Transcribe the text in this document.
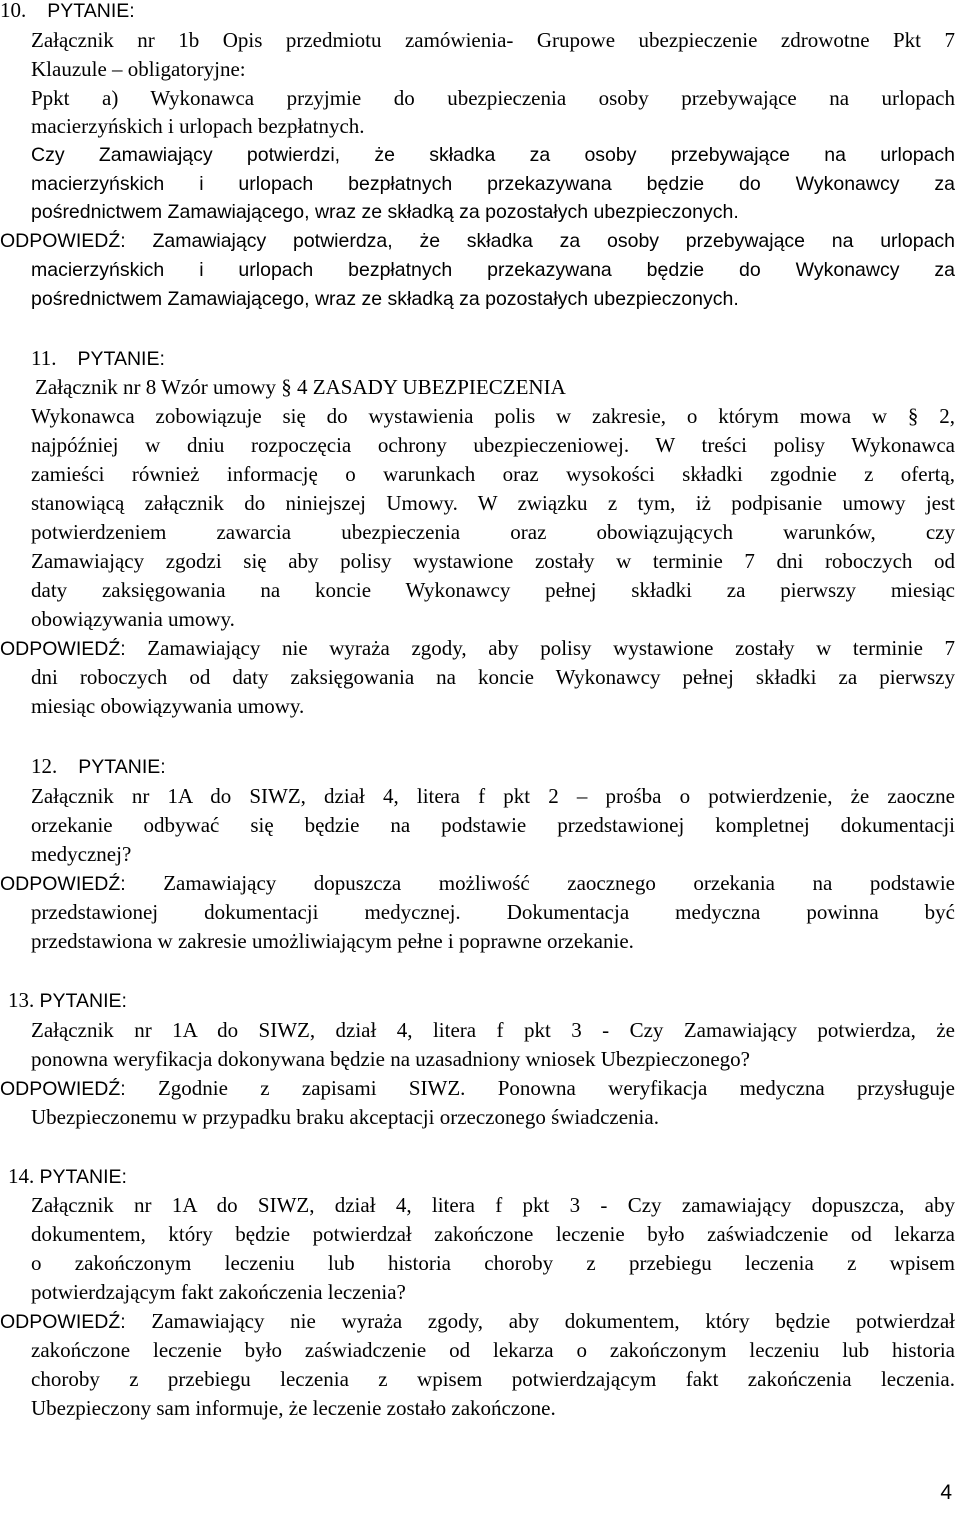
10. PYTANIE:
Załącznik nr 1b Opis przedmiotu zamówienia- Grupowe ubezpieczenie zdrowotne Pkt 7
Klauzule – obligatoryjne:
Ppkt a) Wykonawca przyjmie do ubezpieczenia osoby przebywające na urlopach
macierzyńskich i urlopach bezpłatnych.
Czy Zamawiający potwierdzi, że składka za osoby przebywające na urlopach
macierzyńskich i urlopach bezpłatnych przekazywana będzie do Wykonawcy za
pośrednictwem Zamawiającego, wraz ze składką za pozostałych ubezpieczonych.
ODPOWIEDŹ: Zamawiający potwierdza, że składka za osoby przebywające na urlopach
macierzyńskich i urlopach bezpłatnych przekazywana będzie do Wykonawcy za
pośrednictwem Zamawiającego, wraz ze składką za pozostałych ubezpieczonych.
11. PYTANIE:
Załącznik nr 8 Wzór umowy § 4 ZASADY UBEZPIECZENIA
Wykonawca zobowiązuje się do wystawienia polis w zakresie, o którym mowa w § 2,
najpóźniej w dniu rozpoczęcia ochrony ubezpieczeniowej. W treści polisy Wykonawca
zamieści również informację o warunkach oraz wysokości składki zgodnie z ofertą,
stanowiącą załącznik do niniejszej Umowy. W związku z tym, iż podpisanie umowy jest
potwierdzeniem zawarcia ubezpieczenia oraz obowiązujących warunków, czy
Zamawiający zgodzi się aby polisy wystawione zostały w terminie 7 dni roboczych od
daty zaksięgowania na koncie Wykonawcy pełnej składki za pierwszy miesiąc
obowiązywania umowy.
ODPOWIEDŹ: Zamawiający nie wyraża zgody, aby polisy wystawione zostały w terminie 7
dni roboczych od daty zaksięgowania na koncie Wykonawcy pełnej składki za pierwszy
miesiąc obowiązywania umowy.
12. PYTANIE:
Załącznik nr 1A do SIWZ, dział 4, litera f pkt 2 – prośba o potwierdzenie, że zaoczne
orzekanie odbywać się będzie na podstawie przedstawionej kompletnej dokumentacji
medycznej?
ODPOWIEDŹ: Zamawiający dopuszcza możliwość zaocznego orzekania na podstawie
przedstawionej dokumentacji medycznej. Dokumentacja medyczna powinna być
przedstawiona w zakresie umożliwiającym pełne i poprawne orzekanie.
13. PYTANIE:
Załącznik nr 1A do SIWZ, dział 4, litera f pkt 3 - Czy Zamawiający potwierdza, że
ponowna weryfikacja dokonywana będzie na uzasadniony wniosek Ubezpieczonego?
ODPOWIEDŹ: Zgodnie z zapisami SIWZ. Ponowna weryfikacja medyczna przysługuje
Ubezpieczonemu w przypadku braku akceptacji orzeczonego świadczenia.
14. PYTANIE:
Załącznik nr 1A do SIWZ, dział 4, litera f pkt 3 - Czy zamawiający dopuszcza, aby
dokumentem, który będzie potwierdzał zakończone leczenie było zaświadczenie od lekarza
o zakończonym leczeniu lub historia choroby z przebiegu leczenia z wpisem
potwierdzającym fakt zakończenia leczenia?
ODPOWIEDŹ: Zamawiający nie wyraża zgody, aby dokumentem, który będzie potwierdzał
zakończone leczenie było zaświadczenie od lekarza o zakończonym leczeniu lub historia
choroby z przebiegu leczenia z wpisem potwierdzającym fakt zakończenia leczenia.
Ubezpieczony sam informuje, że leczenie zostało zakończone.
4
